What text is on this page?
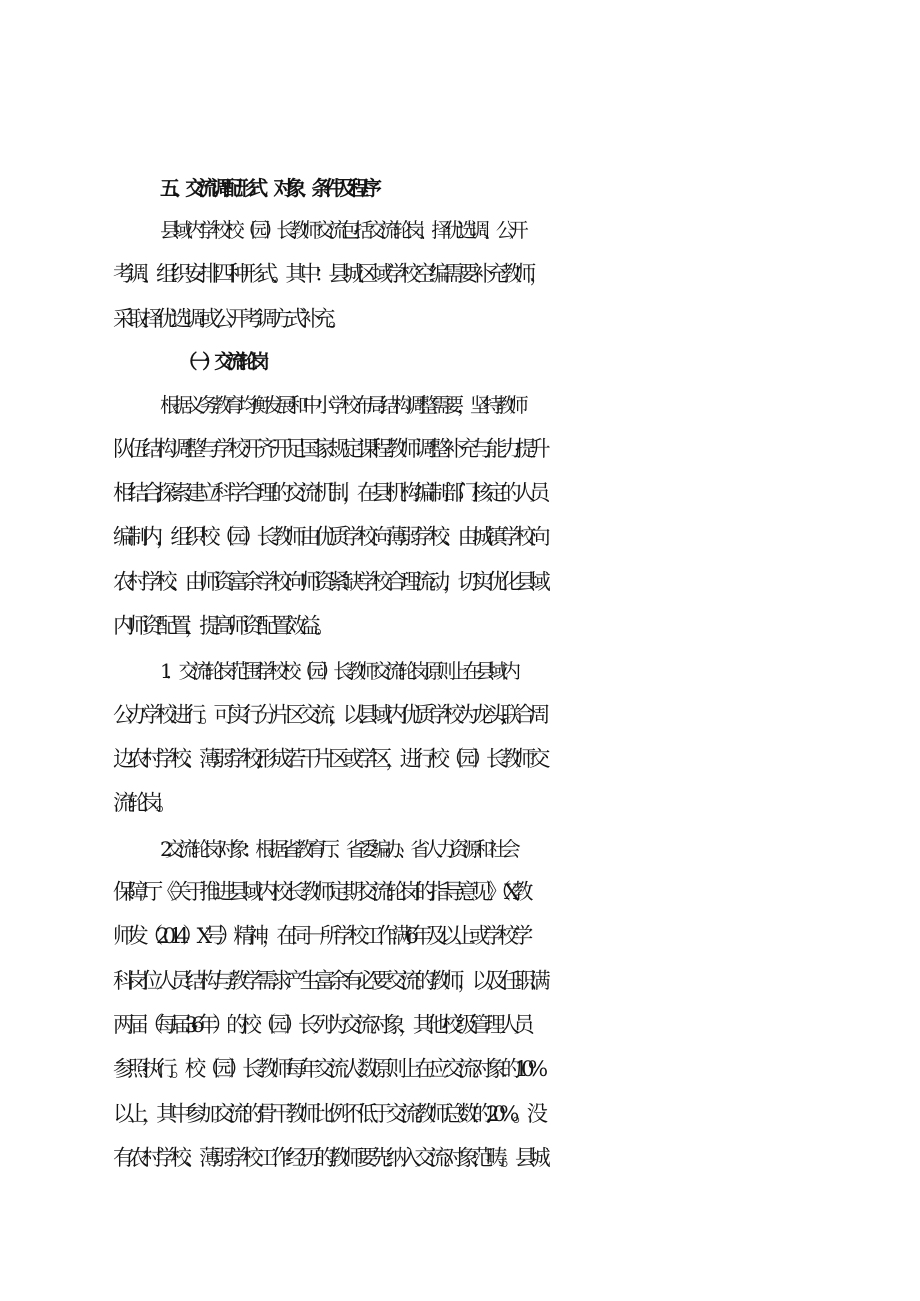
五、交流调配形式、对象、条件及程序
县域内学校校（园）长教师交流包括交流轮岗、择优选调、公开
考调、组织安排四种形式。其中：县城区域学校空编需要补充教师，
采取择优选调或公开考调方式补充。
（一）交流轮岗
根据义务教育均衡发展和中小学校布局结构调整需要，坚持教师
队伍结构调整与学校开齐开足国家规定课程教师调整补充与能力提升
相结合,探索建立科学合理的交流机制，在县机构编制部门核定的人员
编制内，组织校（园）长教师由优质学校向薄弱学校、由城镇学校向
农村学校、由师资富余学校向师资紧缺学校合理流动，切实优化县域
内师资配置，提高师资配置效益。
1．交流轮岗范围:学校校（园）长教师交流轮岗原则上在县域内
公办学校进行。可实行分片区交流，以县域内优质学校为龙头,联合周
边农村学校、薄弱学校,形成若干片区或学区，进行校（园）长教师交
流轮岗。
2.交流轮岗对象：根据省教育厅、省委编办、省人力资源和社会
保障厅《关于推进县域内校长教师定期交流轮岗的指导意见》（X 教
师发（2014）X 号）精神，在同一所学校工作满 6 年及以上或学校学
科岗位人员结构与教学需求产生富余有必要交流的教师，以及任职满
两届（每届 3-6 年）的校（园）长列为交流对象，其他校级管理人员
参照执行。校（园）长教师每年交流人数原则上在应交流对象的 10%
以上，其中参加交流的骨干教师比例不低于交流教师总数的 20%。没
有农村学校、薄弱学校工作经历的教师要先纳入交流对象范畴。县城
